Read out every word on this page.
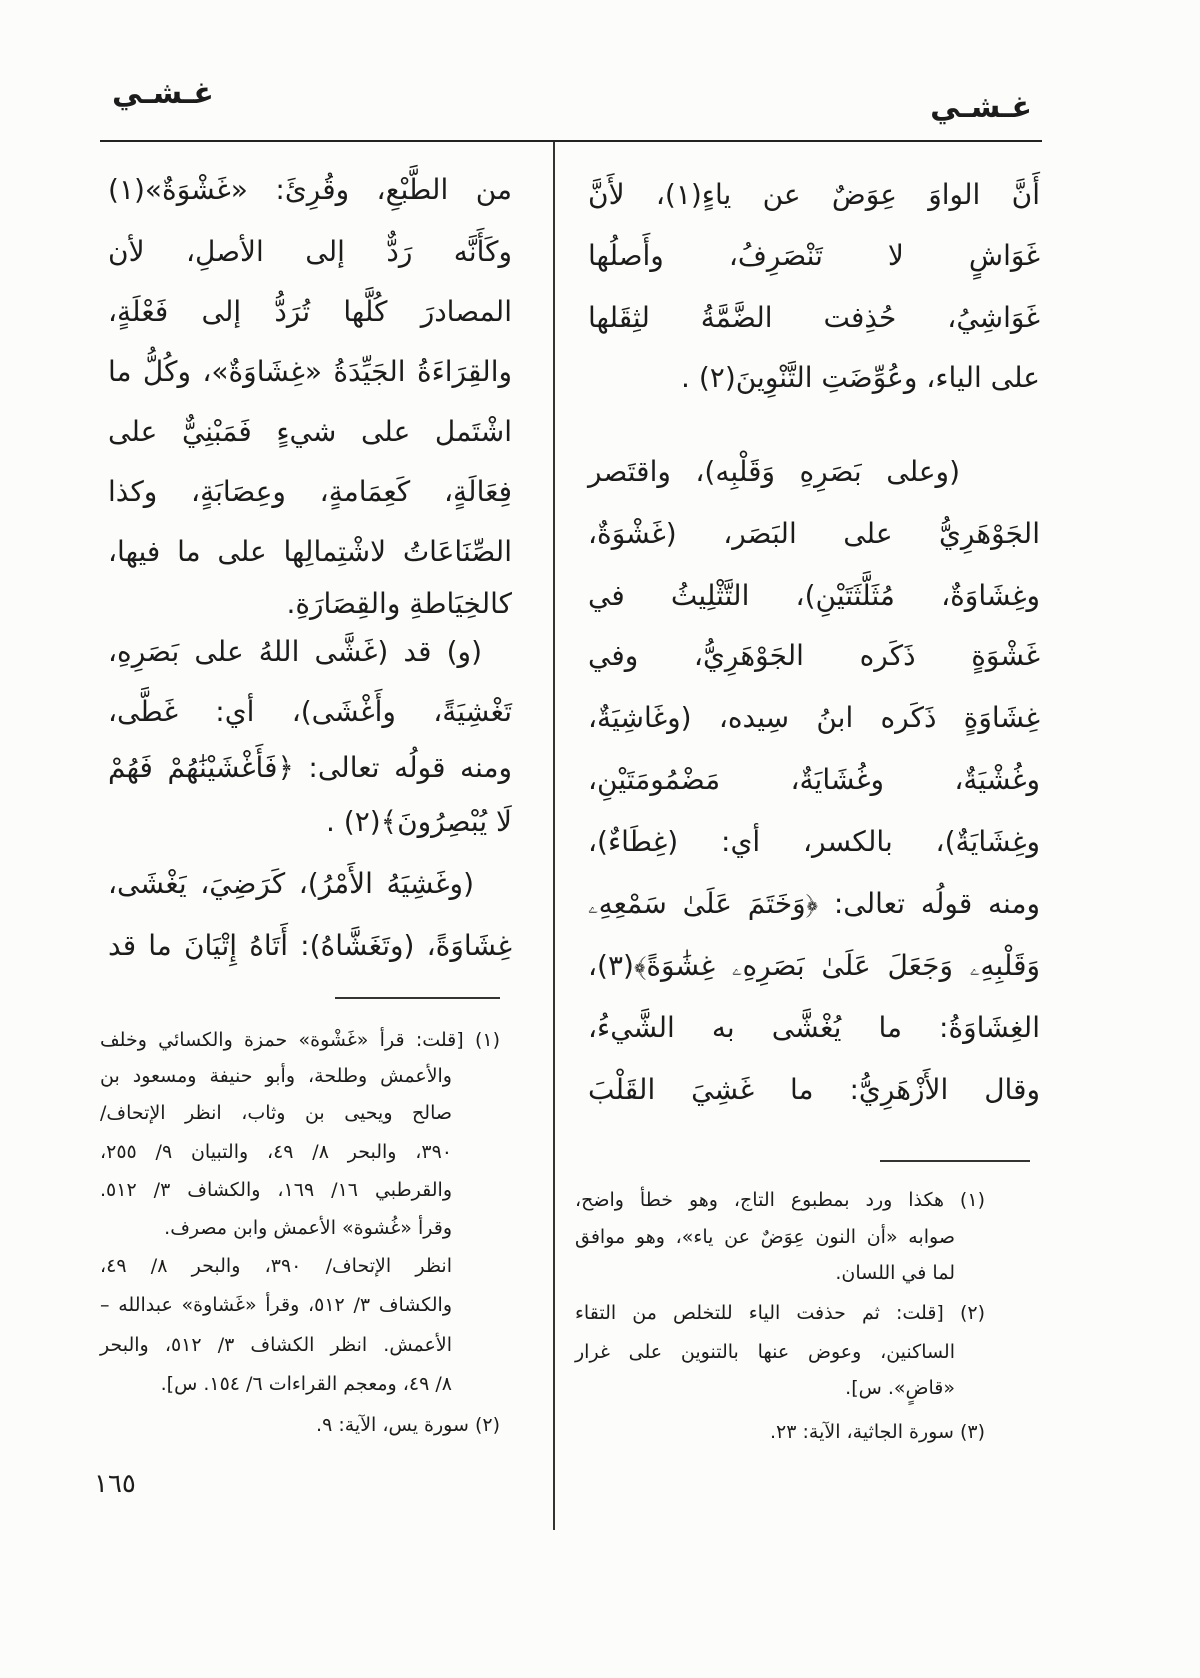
غـشـي
غـشـي
أَنَّ الواوَ عِوَضٌ عن ياءٍ(١)، لأَنَّ
غَوَاشٍ لا تَنْصَرِفُ، وأَصلُها
غَوَاشِيُ، حُذِفت الضَّمَّةُ لثِقَلها
على الياء، وعُوِّضَتِ التَّنْوِينَ(٢) .
(وعلى بَصَرِهِ وَقَلْبِه)، واقتَصر
الجَوْهَرِيُّ على البَصَر، (غَشْوَةٌ،
وغِشَاوَةٌ، مُثَلَّثَتَيْنِ)، التَّثْلِيثُ في
غَشْوَةٍ ذَكَره الجَوْهَرِيُّ، وفي
غِشَاوَةٍ ذَكَره ابنُ سِيده، (وغَاشِيَةٌ،
وغُشْيَةٌ، وغُشَايَةٌ، مَضْمُومَتَيْنِ،
وغِشَايَةٌ)، بالكسر، أي: (غِطَاءٌ)،
ومنه قولُه تعالى: ﴿وَخَتَمَ عَلَىٰ سَمْعِهِۦ
وَقَلْبِهِۦ وَجَعَلَ عَلَىٰ بَصَرِهِۦ غِشَٰوَةً﴾(٣)،
الغِشَاوَةُ: ما يُغْشَّى به الشَّيءُ،
وقال الأَزْهَرِيُّ: ما غَشِيَ القَلْبَ
(١) هكذا ورد بمطبوع التاج، وهو خطأ واضح،
صوابه «أن النون عِوَضٌ عن ياء»، وهو موافق
لما في اللسان.
(٢) [قلت: ثم حذفت الياء للتخلص من التقاء
الساكنين، وعوض عنها بالتنوين على غرار
«قاضٍ». س].
(٣) سورة الجاثية، الآية: ٢٣.
من الطَّبْعِ، وقُرِئَ: «غَشْوَةٌ»(١)
وكَأَنَّه رَدٌّ إلى الأصلِ، لأن
المصادرَ كُلَّها تُرَدُّ إلى فَعْلَةٍ،
والقِرَاءَةُ الجَيِّدَةُ «غِشَاوَةٌ»، وكُلُّ ما
اشْتَمل على شيءٍ فَمَبْنِيٌّ على
فِعَالَةٍ، كَعِمَامةٍ، وعِصَابَةٍ، وكذا
الصِّنَاعَاتُ لاشْتِمالِها على ما فيها،
كالخِيَاطةِ والقِصَارَةِ.
(و) قد (غَشَّى اللهُ على بَصَرِهِ،
تَغْشِيَةً، وأَغْشَى)، أي: غَطَّى،
ومنه قولُه تعالى: ﴿فَأَغْشَيْنَٰهُمْ فَهُمْ
لَا يُبْصِرُونَ﴾(٢) .
(وغَشِيَهُ الأَمْرُ)، كَرَضِيَ، يَغْشَى،
غِشَاوَةً، (وتَغَشَّاهُ): أَتَاهُ إِتْيَانَ ما قد
(١) [قلت: قرأ «غَشْوة» حمزة والكسائي وخلف
والأعمش وطلحة، وأبو حنيفة ومسعود بن
صالح ويحيى بن وثاب، انظر الإتحاف/
٣٩٠، والبحر ٨/ ٤٩، والتبيان ٩/ ٢٥٥،
والقرطبي ١٦/ ١٦٩، والكشاف ٣/ ٥١٢.
وقرأ «غُشوة» الأعمش وابن مصرف.
انظر الإتحاف/ ٣٩٠، والبحر ٨/ ٤٩،
والكشاف ٣/ ٥١٢، وقرأ «غَشاوة» عبدالله –
الأعمش. انظر الكشاف ٣/ ٥١٢، والبحر
٨/ ٤٩، ومعجم القراءات ٦/ ١٥٤. س].
(٢) سورة يس، الآية: ٩.
١٦٥
